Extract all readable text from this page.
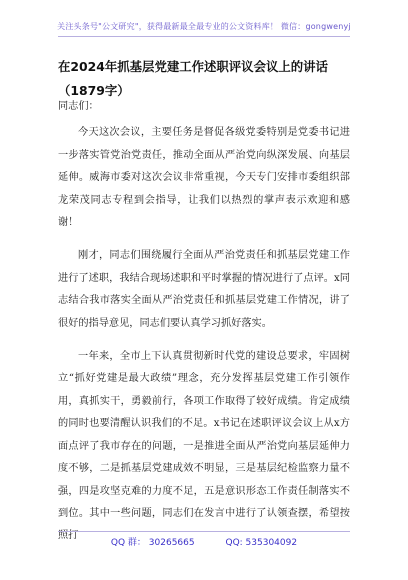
关注头条号"公文研究"，获得最新最全最专业的公文资料库！ 微信：gongwenyj
在2024年抓基层党建工作述职评议会议上的讲话（1879字）

同志们：

今天这次会议，主要任务是督促各级党委特别是党委书记进一步落实管党治党责任，推动全面从严治党向纵深发展、向基层延伸。威海市委对这次会议非常重视，今天专门安排市委组织部龙荣茂同志专程到会指导，让我们以热烈的掌声表示欢迎和感谢！

刚才，同志们围绕履行全面从严治党责任和抓基层党建工作进行了述职，我结合现场述职和平时掌握的情况进行了点评。x同志结合我市落实全面从严治党责任和抓基层党建工作情况，讲了很好的指导意见，同志们要认真学习抓好落实。

一年来，全市上下认真贯彻新时代党的建设总要求，牢固树立“抓好党建是最大政绩”理念，充分发挥基层党建工作引领作用，真抓实干，勇毅前行，各项工作取得了较好成绩。肯定成绩的同时也要清醒认识我们的不足。x书记在述职评议会议上从x方面点评了我市存在的问题，一是推进全面从严治党向基层延伸力度不够，二是抓基层党建成效不明显，三是基层纪检监察力量不强，四是攻坚克难的力度不足，五是意识形态工作责任制落实不到位。其中一些问题，同志们在发言中进行了认领查摆，希望按照打

QQ 群： 30265665	QQ: 535304092
